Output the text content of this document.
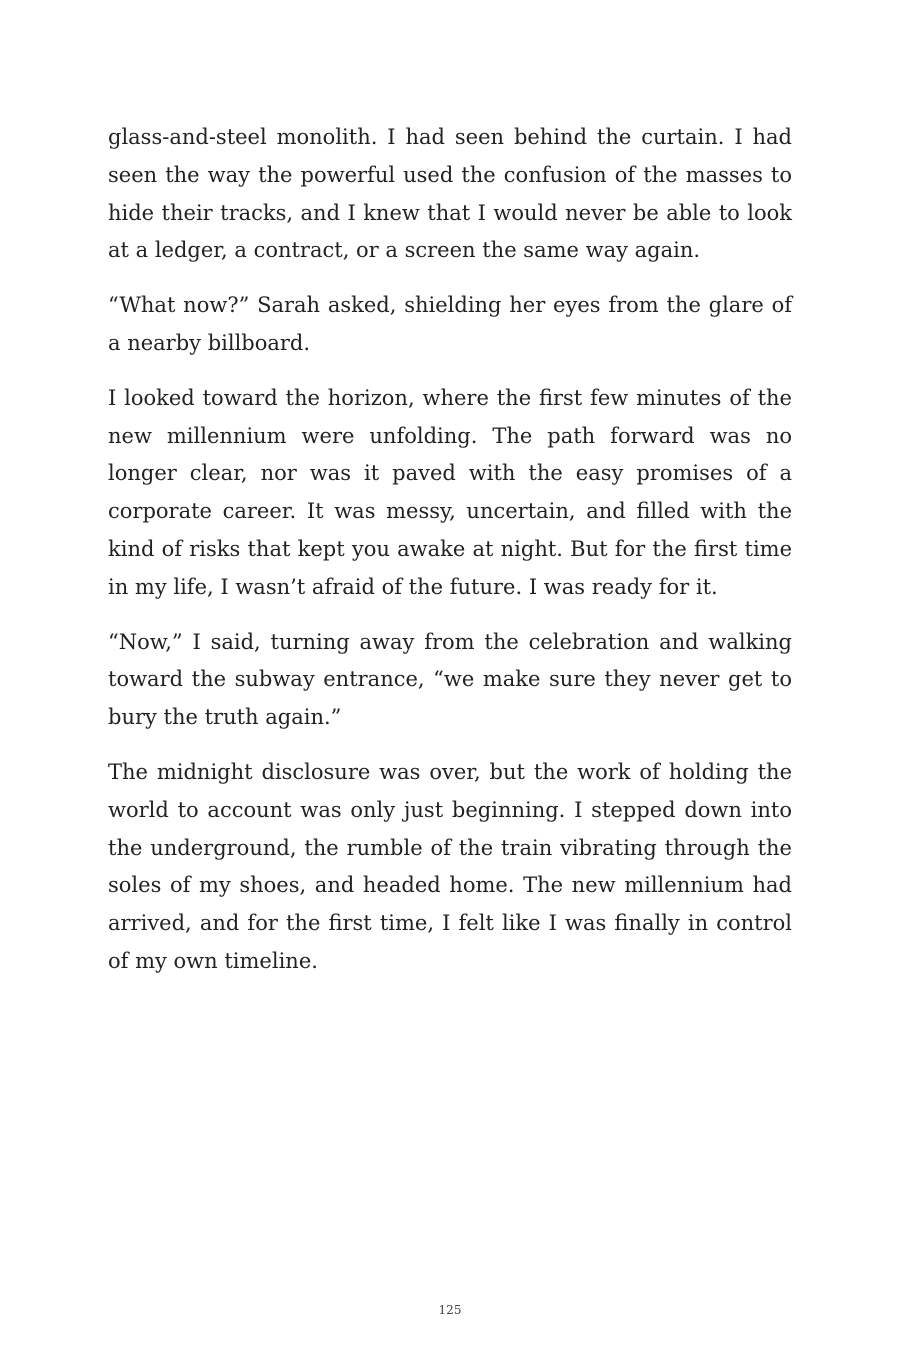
glass-and-steel monolith. I had seen behind the curtain. I had seen the way the powerful used the confusion of the masses to hide their tracks, and I knew that I would never be able to look at a ledger, a contract, or a screen the same way again.

“What now?” Sarah asked, shielding her eyes from the glare of a nearby billboard.

I looked toward the horizon, where the first few minutes of the new millennium were unfolding. The path forward was no longer clear, nor was it paved with the easy promises of a corporate career. It was messy, uncertain, and filled with the kind of risks that kept you awake at night. But for the first time in my life, I wasn’t afraid of the future. I was ready for it.

“Now,” I said, turning away from the celebration and walking toward the subway entrance, “we make sure they never get to bury the truth again.”

The midnight disclosure was over, but the work of holding the world to account was only just beginning. I stepped down into the underground, the rumble of the train vibrating through the soles of my shoes, and headed home. The new millennium had arrived, and for the first time, I felt like I was finally in control of my own timeline.

125
